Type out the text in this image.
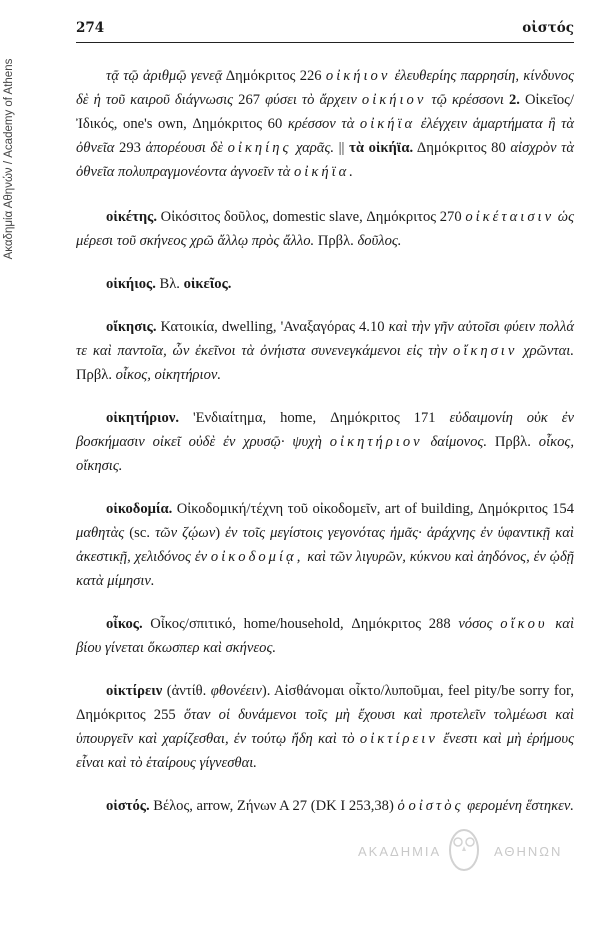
Ακαδημία Αθηνών / Academy of Athens
274	οἰστός
τᾷ τῷ ἀριθμῷ γενεᾷ Δημόκριτος 226 οἰκήιον ἐλευθερίης παρρησίη, κίνδυνος δὲ ἡ τοῦ καιροῦ διάγνωσις 267 φύσει τὸ ἄρχειν οἰκήιον τῷ κρέσσονι 2. Οἰκεῖος/Ἰδικός, one's own, Δημόκριτος 60 κρέσσον τὰ οἰκήϊα ἐλέγχειν ἁμαρτήματα ἢ τὰ ὀθνεῖα 293 ἀπορέουσι δὲ οἰκηίης χαρᾶς. || τὰ οἰκήϊα. Δημόκριτος 80 αἰσχρὸν τὰ ὀθνεῖα πολυπραγμονέοντα ἀγνοεῖν τὰ οἰκήϊα.
οἰκέτης. Οἰκόσιτος δοῦλος, domestic slave, Δημόκριτος 270 οἰκέταισιν ὡς μέρεσι τοῦ σκήνεος χρῶ ἄλλῳ πρὸς ἄλλο. Πρβλ. δοῦλος.
οἰκήιος. Βλ. οἰκεῖος.
οἴκησις. Κατοικία, dwelling, 'Αναξαγόρας 4.10 καὶ τὴν γῆν αὐτοῖσι φύειν πολλά τε καὶ παντοῖα, ὧν ἐκεῖνοι τὰ ὀνήιστα συνενεγκάμενοι εἰς τὴν οἴκησιν χρῶνται. Πρβλ. οἶκος, οἰκητήριον.
οἰκητήριον. 'Ενδιαίτημα, home, Δημόκριτος 171 εὐδαιμονίη οὐκ ἐν βοσκήμασιν οἰκεῖ οὐδὲ ἐν χρυσῷ· ψυχὴ οἰκητήριον δαίμονος. Πρβλ. οἶκος, οἴκησις.
οἰκοδομία. Οἰκοδομική/τέχνη τοῦ οἰκοδομεῖν, art of building, Δημόκριτος 154 μαθητὰς (sc. τῶν ζῴων) ἐν τοῖς μεγίστοις γεγονότας ἡμᾶς· ἀράχνης ἐν ὑφαντικῇ καὶ ἀκεστικῇ, χελιδόνος ἐν οἰκοδομίᾳ, καὶ τῶν λιγυρῶν, κύκνου καὶ ἀηδόνος, ἐν ᾠδῇ κατὰ μίμησιν.
οἶκος. Οἶκος/σπιτικό, home/household, Δημόκριτος 288 νόσος οἴκου καὶ βίου γίνεται ὅκωσπερ καὶ σκήνεος.
οἰκτίρειν (ἀντίθ. φθονέειν). Αἰσθάνομαι οἶκτο/λυποῦμαι, feel pity/be sorry for, Δημόκριτος 255 ὅταν οἱ δυνάμενοι τοῖς μὴ ἔχουσι καὶ προτελεῖν τολμέωσι καὶ ὑπουργεῖν καὶ χαρίζεσθαι, ἐν τούτῳ ἤδη καὶ τὸ οἰκτίρειν ἔνεστι καὶ μὴ ἐρήμους εἶναι καὶ τὸ ἑταίρους γίγνεσθαι.
οἰστός. Βέλος, arrow, Ζήνων Α 27 (DK I 253,38) ὁ οἰστὸς φερομένη ἕστηκεν.
ΑΚΑΔΗΜΙΑ	ΑΘΗΝΩΝ
